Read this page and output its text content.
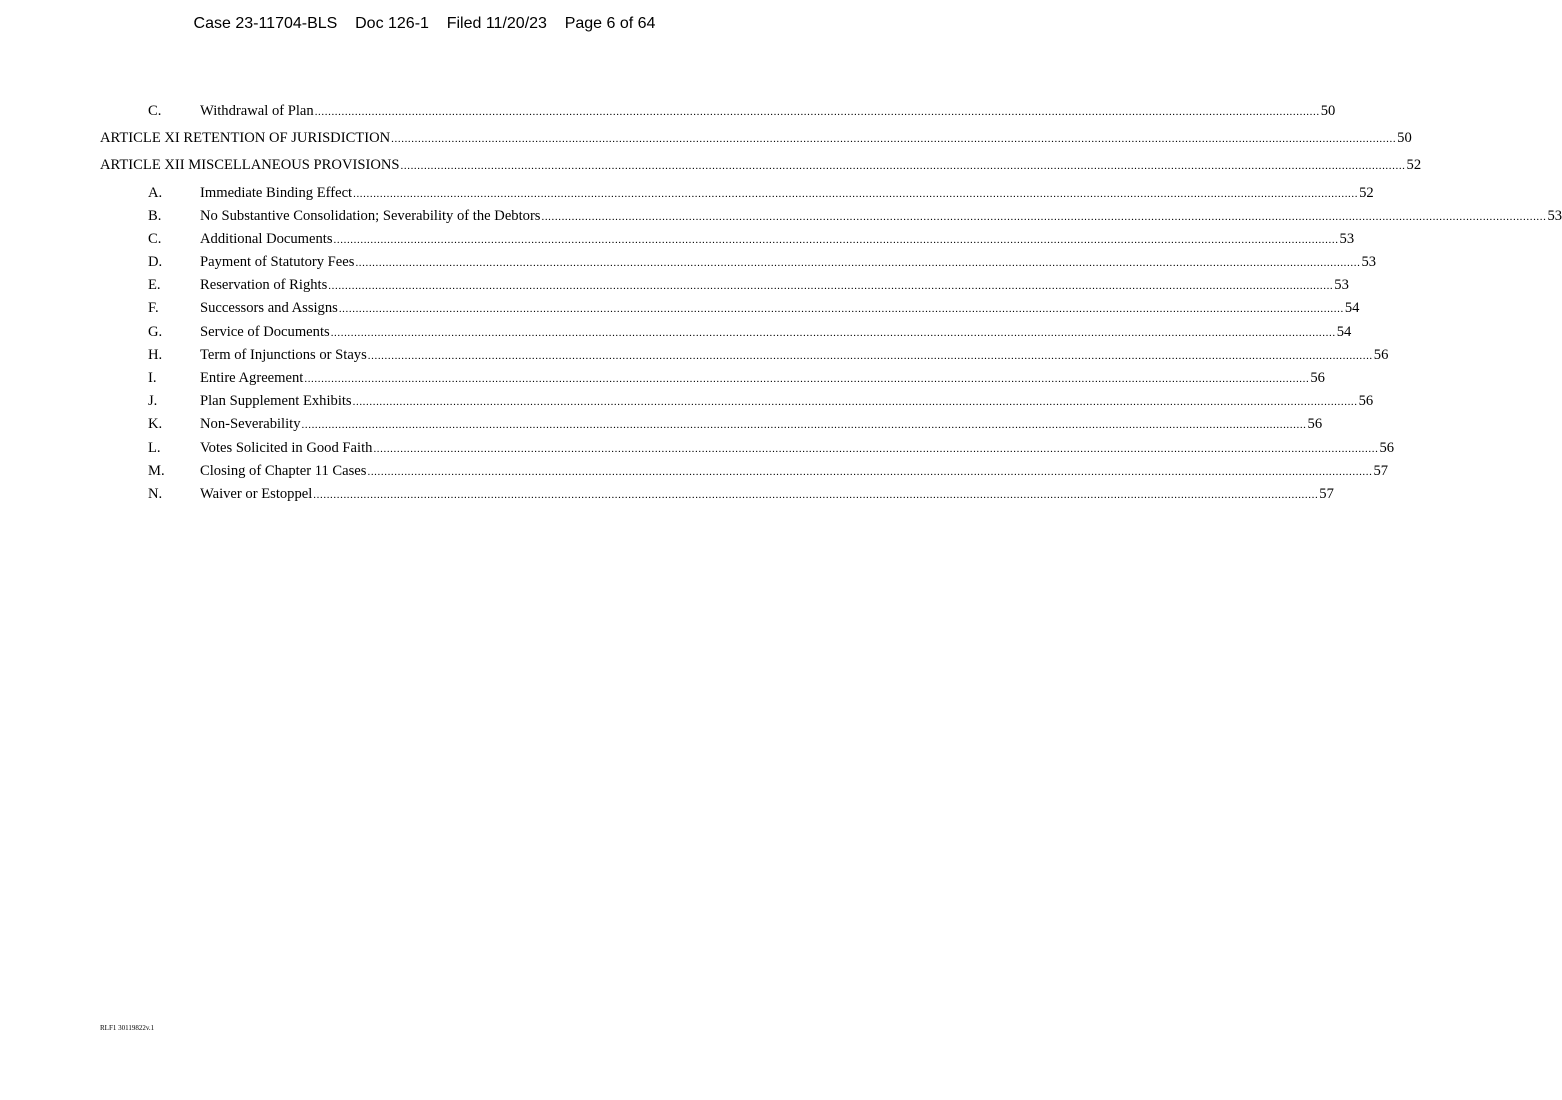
Case 23-11704-BLS    Doc 126-1    Filed 11/20/23    Page 6 of 64
C.	Withdrawal of Plan ............................................................................................................................................................................................................................................................................................................ 50
ARTICLE XI RETENTION OF JURISDICTION ............................................................................................................................................................................................................................................................................................................ 50
ARTICLE XII MISCELLANEOUS PROVISIONS ............................................................................................................................................................................................................................................................................................................ 52
A.	Immediate Binding Effect ............................................................................................................................................................................................................................................................................................................ 52
B.	No Substantive Consolidation; Severability of the Debtors ............................................................................................................................................................................................................................................................................................................ 53
C.	Additional Documents ............................................................................................................................................................................................................................................................................................................ 53
D.	Payment of Statutory Fees ............................................................................................................................................................................................................................................................................................................ 53
E.	Reservation of Rights ............................................................................................................................................................................................................................................................................................................ 53
F.	Successors and Assigns ............................................................................................................................................................................................................................................................................................................ 54
G.	Service of Documents ............................................................................................................................................................................................................................................................................................................ 54
H.	Term of Injunctions or Stays ............................................................................................................................................................................................................................................................................................................ 56
I.	Entire Agreement ............................................................................................................................................................................................................................................................................................................ 56
J.	Plan Supplement Exhibits ............................................................................................................................................................................................................................................................................................................ 56
K.	Non-Severability ............................................................................................................................................................................................................................................................................................................ 56
L.	Votes Solicited in Good Faith ............................................................................................................................................................................................................................................................................................................ 56
M.	Closing of Chapter 11 Cases ............................................................................................................................................................................................................................................................................................................ 57
N.	Waiver or Estoppel ............................................................................................................................................................................................................................................................................................................ 57
RLF1 30119822v.1
